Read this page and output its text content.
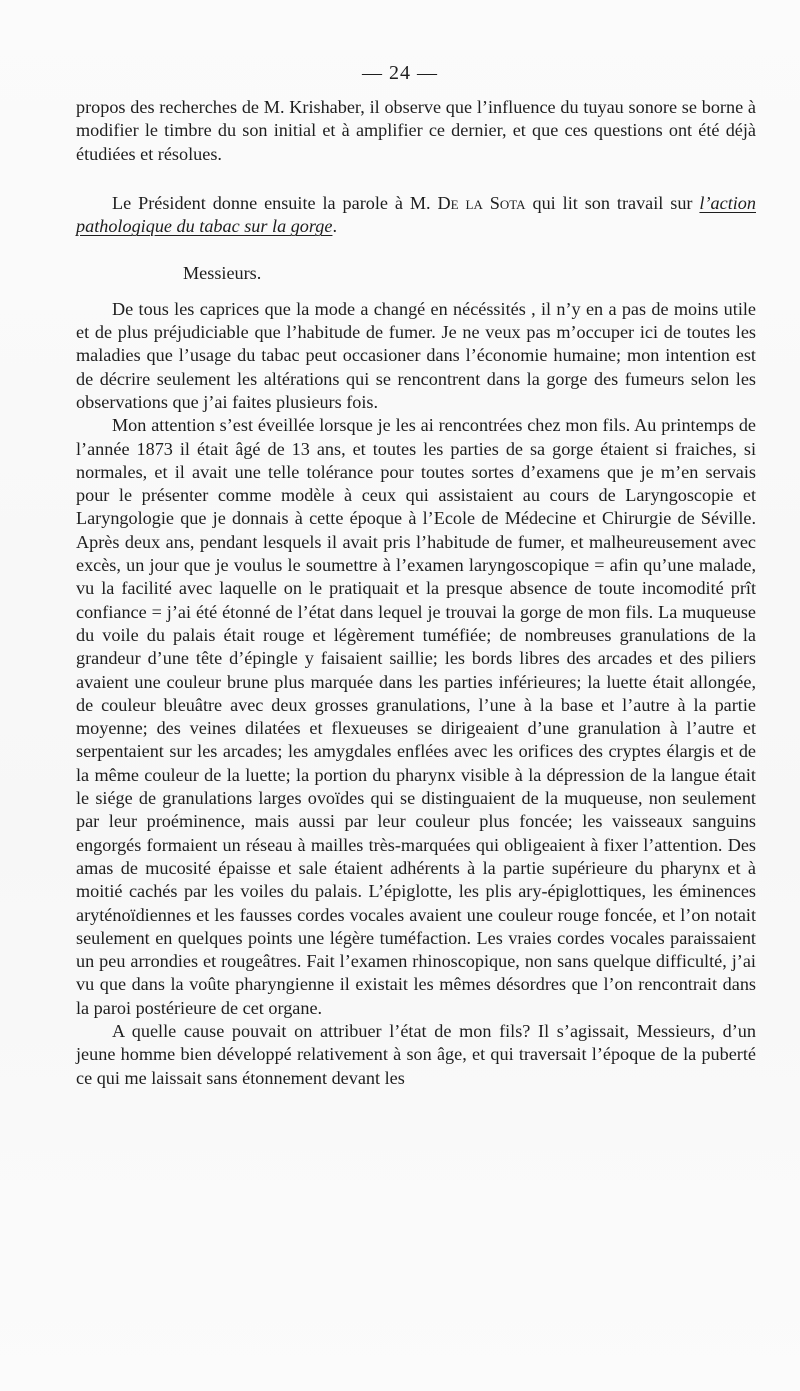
— 24 —

propos des recherches de M. Krishaber, il observe que l’influence du tuyau sonore se borne à modifier le timbre du son initial et à amplifier ce dernier, et que ces questions ont été déjà étudiées et résolues.

Le Président donne ensuite la parole à M. De la Sota qui lit son travail sur l’action pathologique du tabac sur la gorge.

Messieurs.

De tous les caprices que la mode a changé en nécéssités , il n’y en a pas de moins utile et de plus préjudiciable que l’habitude de fumer. Je ne veux pas m’occuper ici de toutes les maladies que l’usage du tabac peut occasioner dans l’économie humaine; mon intention est de décrire seulement les altérations qui se rencontrent dans la gorge des fumeurs selon les observations que j’ai faites plusieurs fois.

Mon attention s’est éveillée lorsque je les ai rencontrées chez mon fils. Au printemps de l’année 1873 il était âgé de 13 ans, et toutes les parties de sa gorge étaient si fraiches, si normales, et il avait une telle tolérance pour toutes sortes d’examens que je m’en servais pour le présenter comme modèle à ceux qui assistaient au cours de Laryngoscopie et Laryngologie que je donnais à cette époque à l’Ecole de Médecine et Chirurgie de Séville. Après deux ans, pendant lesquels il avait pris l’habitude de fumer, et malheureusement avec excès, un jour que je voulus le soumettre à l’examen laryngoscopique = afin qu’une malade, vu la facilité avec laquelle on le pratiquait et la presque absence de toute incomodité prît confiance = j’ai été étonné de l’état dans lequel je trouvai la gorge de mon fils. La muqueuse du voile du palais était rouge et légèrement tuméfiée; de nombreuses granulations de la grandeur d’une tête d’épingle y faisaient saillie; les bords libres des arcades et des piliers avaient une couleur brune plus marquée dans les parties inférieures; la luette était allongée, de couleur bleuâtre avec deux grosses granulations, l’une à la base et l’autre à la partie moyenne; des veines dilatées et flexueuses se dirigeaient d’une granulation à l’autre et serpentaient sur les arcades; les amygdales enflées avec les orifices des cryptes élargis et de la même couleur de la luette; la portion du pharynx visible à la dépression de la langue était le siége de granulations larges ovoïdes qui se distinguaient de la muqueuse, non seulement par leur proéminence, mais aussi par leur couleur plus foncée; les vaisseaux sanguins engorgés formaient un réseau à mailles très-marquées qui obligeaient à fixer l’attention. Des amas de mucosité épaisse et sale étaient adhérents à la partie supérieure du pharynx et à moitié cachés par les voiles du palais. L’épiglotte, les plis ary-épiglottiques, les éminences aryténoïdiennes et les fausses cordes vocales avaient une couleur rouge foncée, et l’on notait seulement en quelques points une légère tuméfaction. Les vraies cordes vocales paraissaient un peu arrondies et rougeâtres. Fait l’examen rhinoscopique, non sans quelque difficulté, j’ai vu que dans la voûte pharyngienne il existait les mêmes désordres que l’on rencontrait dans la paroi postérieure de cet organe.

A quelle cause pouvait on attribuer l’état de mon fils? Il s’agissait, Messieurs, d’un jeune homme bien développé relativement à son âge, et qui traversait l’époque de la puberté ce qui me laissait sans étonnement devant les
